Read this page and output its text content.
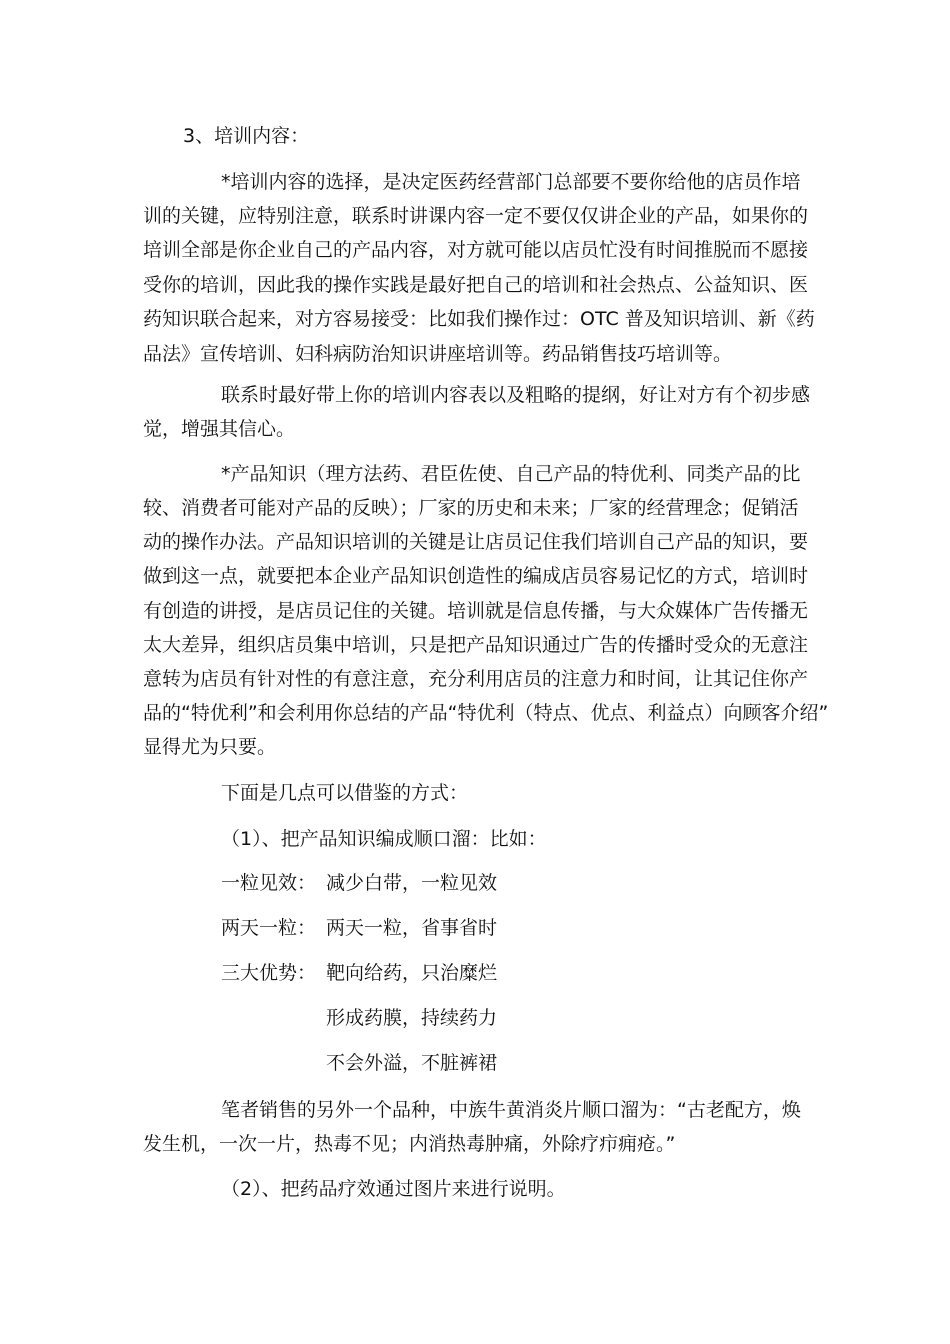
3、培训内容：
*培训内容的选择，是决定医药经营部门总部要不要你给他的店员作培
训的关键，应特别注意，联系时讲课内容一定不要仅仅讲企业的产品，如果你的
培训全部是你企业自己的产品内容，对方就可能以店员忙没有时间推脱而不愿接
受你的培训，因此我的操作实践是最好把自己的培训和社会热点、公益知识、医
药知识联合起来，对方容易接受：比如我们操作过：OTC 普及知识培训、新《药
品法》宣传培训、妇科病防治知识讲座培训等。药品销售技巧培训等。
联系时最好带上你的培训内容表以及粗略的提纲，好让对方有个初步感
觉，增强其信心。
*产品知识（理方法药、君臣佐使、自己产品的特优利、同类产品的比
较、消费者可能对产品的反映）；厂家的历史和未来；厂家的经营理念；促销活
动的操作办法。产品知识培训的关键是让店员记住我们培训自己产品的知识，要
做到这一点，就要把本企业产品知识创造性的编成店员容易记忆的方式，培训时
有创造的讲授，是店员记住的关键。培训就是信息传播，与大众媒体广告传播无
太大差异，组织店员集中培训，只是把产品知识通过广告的传播时受众的无意注
意转为店员有针对性的有意注意，充分利用店员的注意力和时间，让其记住你产
品的“特优利”和会利用你总结的产品“特优利（特点、优点、利益点）向顾客介绍”
显得尤为只要。
下面是几点可以借鉴的方式：
（1）、把产品知识编成顺口溜：比如：
一粒见效： 减少白带，一粒见效
两天一粒： 两天一粒，省事省时
三大优势： 靶向给药，只治糜烂
形成药膜，持续药力
不会外溢，不脏裤裙
笔者销售的另外一个品种，中族牛黄消炎片顺口溜为：“古老配方，焕
发生机，一次一片，热毒不见；内消热毒肿痛，外除疗疖痈疮。”
（2）、把药品疗效通过图片来进行说明。
